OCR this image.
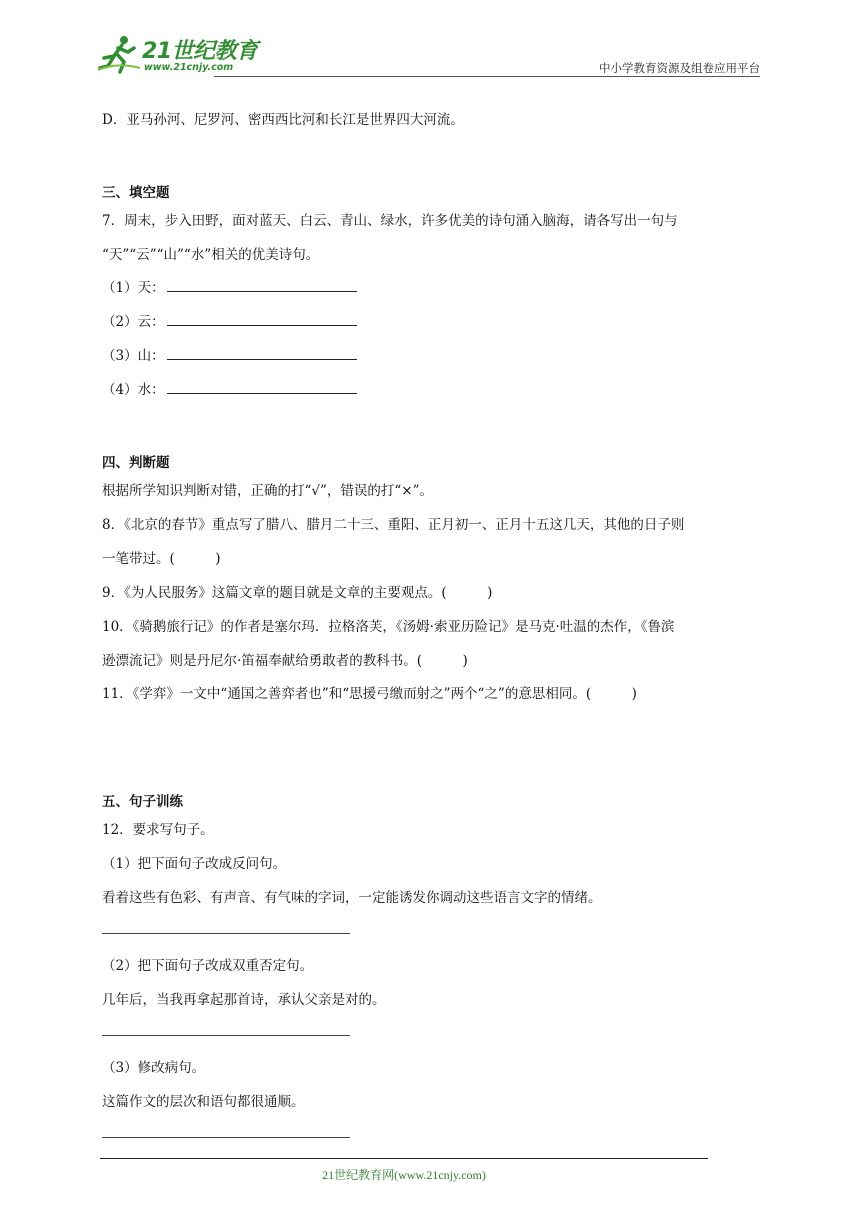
21世纪教育
www.21cnjy.com	中小学教育资源及组卷应用平台
D．亚马孙河、尼罗河、密西西比河和长江是世界四大河流。
三、填空题
7．周末，步入田野，面对蓝天、白云、青山、绿水，许多优美的诗句涌入脑海，请各写出一句与
“天”“云”“山”“水”相关的优美诗句。
（1）天：
（2）云：
（3）山：
（4）水：
四、判断题
根据所学知识判断对错，正确的打“√”，错误的打“×”。
8．《北京的春节》重点写了腊八、腊月二十三、重阳、正月初一、正月十五这几天，其他的日子则
一笔带过。(　　　)
9．《为人民服务》这篇文章的题目就是文章的主要观点。(　　　)
10．《骑鹅旅行记》的作者是塞尔玛．拉格洛芙，《汤姆·索亚历险记》是马克·吐温的杰作，《鲁滨
逊漂流记》则是丹尼尔·笛福奉献给勇敢者的教科书。(　　　)
11．《学弈》一文中“通国之善弈者也”和“思援弓缴而射之”两个“之”的意思相同。(　　　)
五、句子训练
12．要求写句子。
（1）把下面句子改成反问句。
看着这些有色彩、有声音、有气味的字词，一定能诱发你调动这些语言文字的情绪。
（2）把下面句子改成双重否定句。
几年后，当我再拿起那首诗，承认父亲是对的。
（3）修改病句。
这篇作文的层次和语句都很通顺。
21世纪教育网(www.21cnjy.com)
